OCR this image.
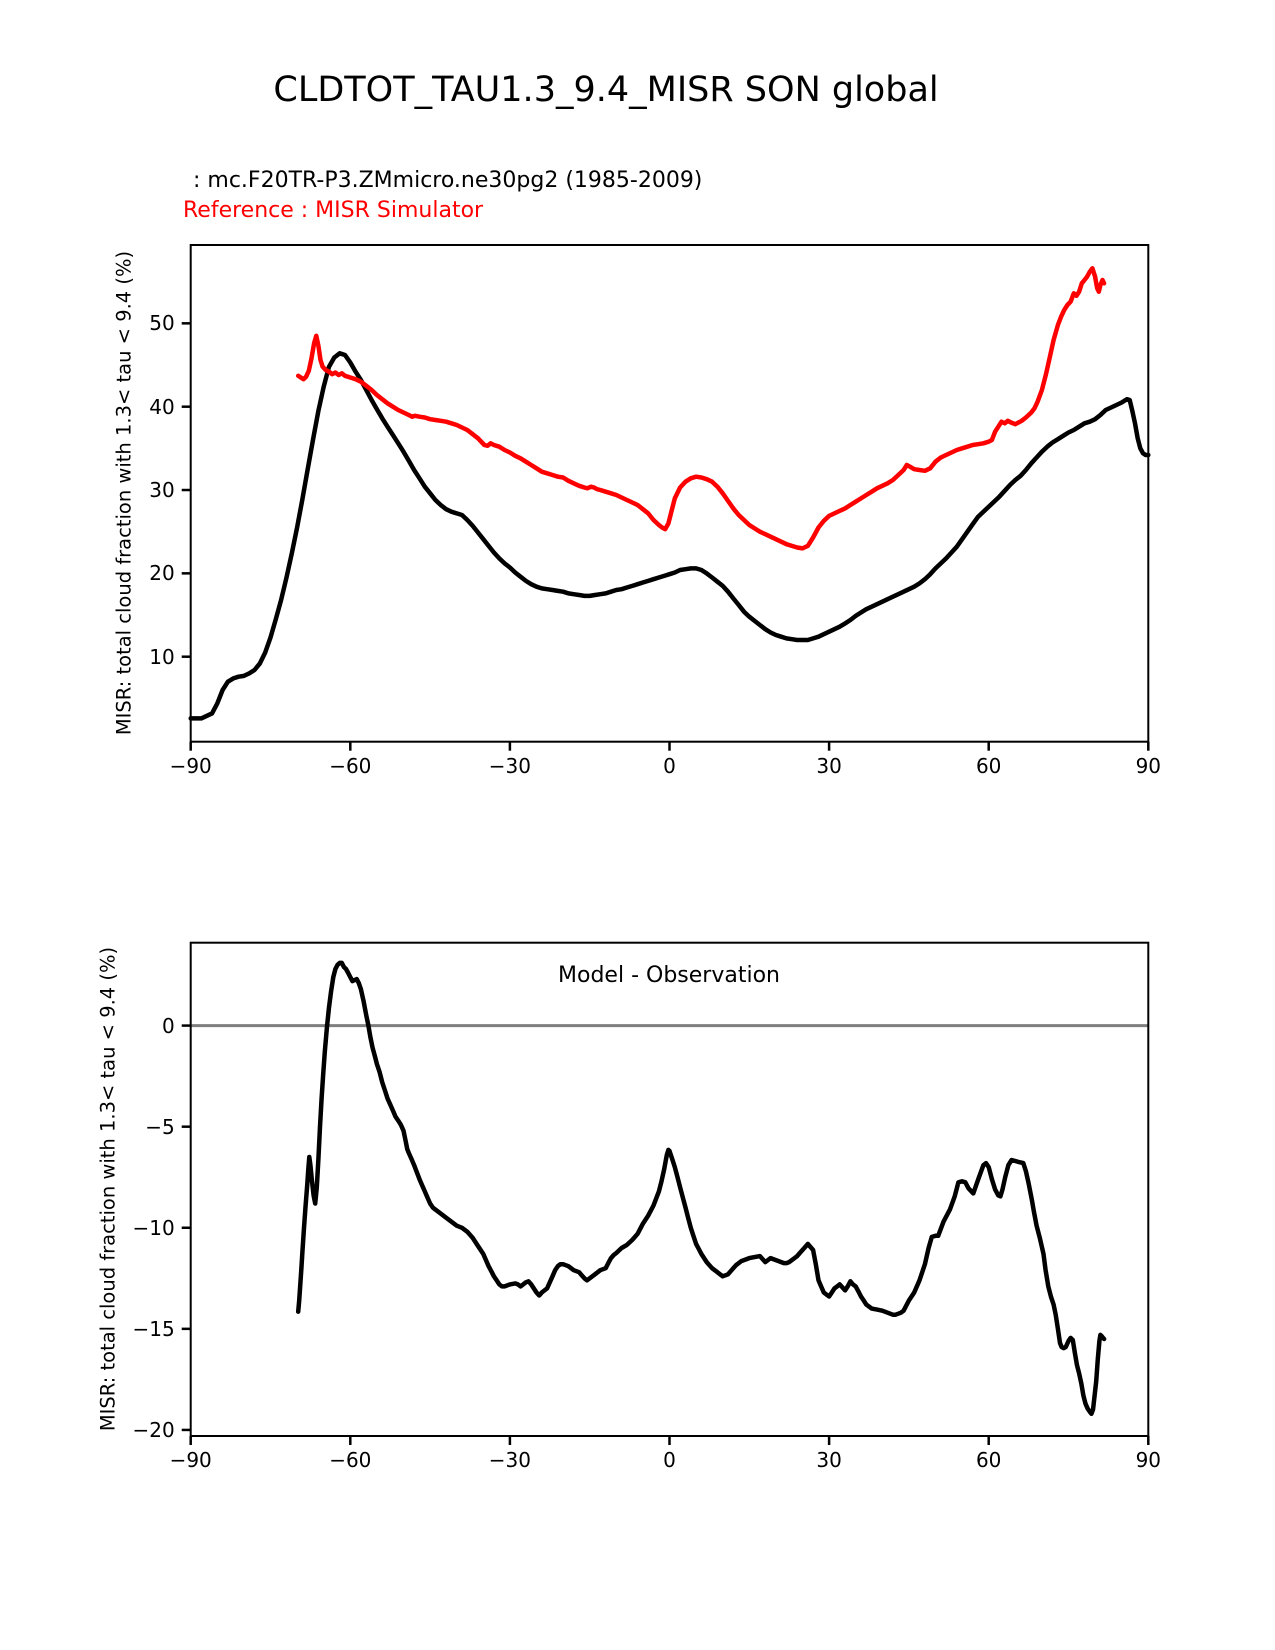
CLDTOT_TAU1.3_9.4_MISR SON global
: mc.F20TR-P3.ZMmicro.ne30pg2 (1985-2009)
Reference : MISR Simulator
MISR: total cloud fraction with 1.3< tau < 9.4 (%)
Model - Observation
MISR: total cloud fraction with 1.3< tau < 9.4 (%)
−90	−60	−30	0	30	60	90
10
20
30
40
50
−90	−60	−30	0	30	60	90
−20
−15
−10
−5
0
